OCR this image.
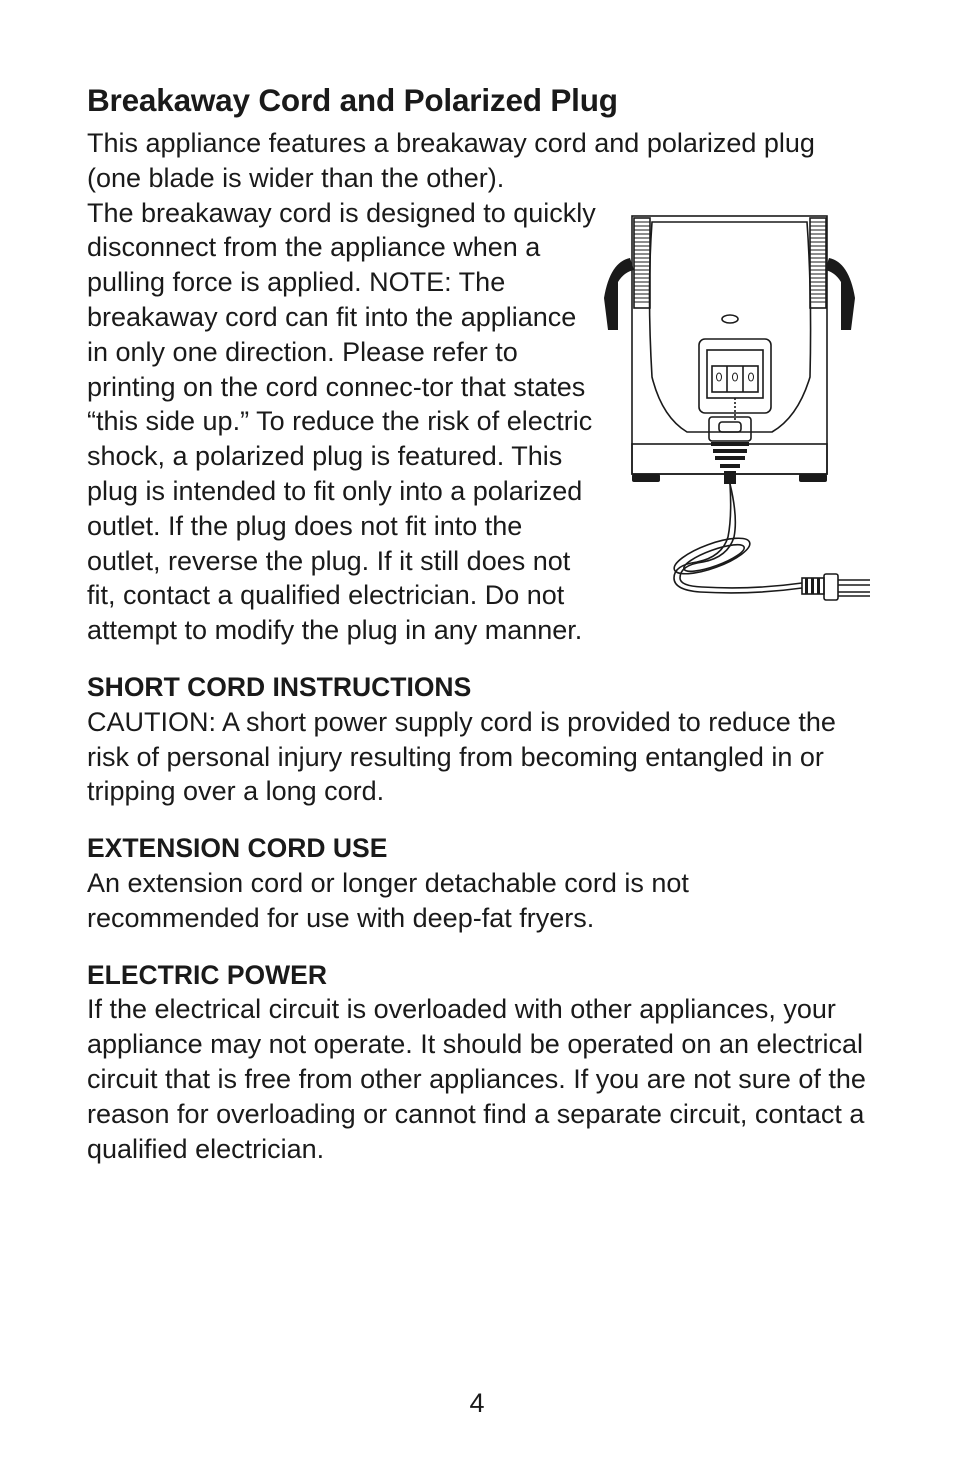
Breakaway Cord and Polarized Plug

This appliance features a breakaway cord and polarized plug (one blade is wider than the other).

The breakaway cord is designed to quickly disconnect from the appliance when a pulling force is applied. NOTE: The breakaway cord can fit into the appliance in only one direction. Please refer to printing on the cord connec-tor that states “this side up.” To reduce the risk of electric shock, a polarized plug is featured. This plug is intended to fit only into a polarized outlet. If the plug does not fit into the outlet, reverse the plug. If it still does not fit, contact a qualified electrician. Do not attempt to modify the plug in any manner.

SHORT CORD INSTRUCTIONS

CAUTION: A short power supply cord is provided to reduce the risk of personal injury resulting from becoming entangled in or tripping over a long cord.

EXTENSION CORD USE

An extension cord or longer detachable cord is not recommended for use with deep-fat fryers.

ELECTRIC POWER

If the electrical circuit is overloaded with other appliances, your appliance may not operate. It should be operated on an electrical circuit that is free from other appliances. If you are not sure of the reason for overloading or cannot find a separate circuit, contact a qualified electrician.

4
